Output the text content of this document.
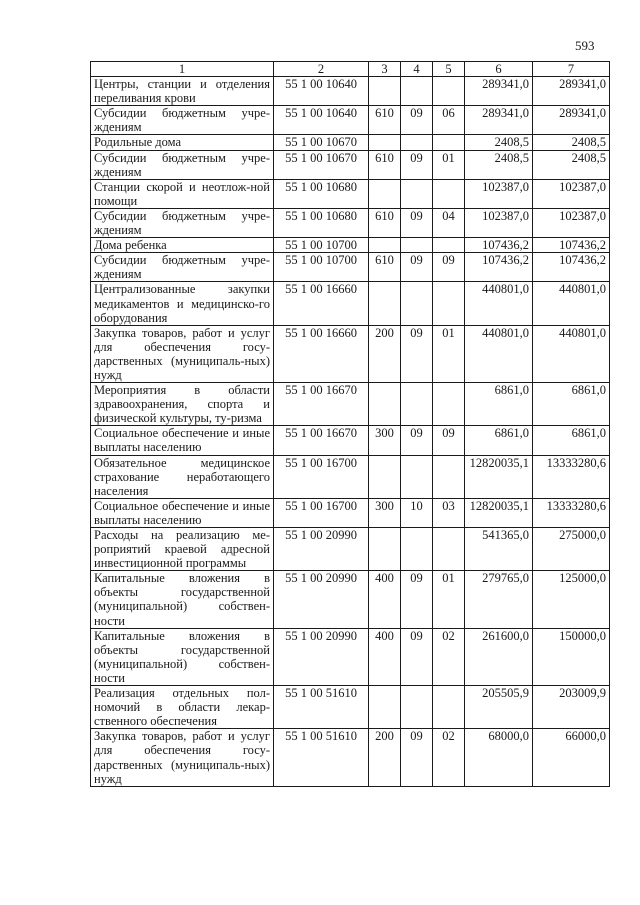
593
1	2	3	4	5	6	7
Центры, станции и отделения переливания крови	55 1 00 10640				289341,0	289341,0
Субсидии бюджетным учре-ждениям	55 1 00 10640	610	09	06	289341,0	289341,0
Родильные дома	55 1 00 10670				2408,5	2408,5
Субсидии бюджетным учре-ждениям	55 1 00 10670	610	09	01	2408,5	2408,5
Станции скорой и неотлож-ной помощи	55 1 00 10680				102387,0	102387,0
Субсидии бюджетным учре-ждениям	55 1 00 10680	610	09	04	102387,0	102387,0
Дома ребенка	55 1 00 10700				107436,2	107436,2
Субсидии бюджетным учре-ждениям	55 1 00 10700	610	09	09	107436,2	107436,2
Централизованные закупки медикаментов и медицинско-го оборудования	55 1 00 16660				440801,0	440801,0
Закупка товаров, работ и услуг для обеспечения госу-дарственных (муниципаль-ных) нужд	55 1 00 16660	200	09	01	440801,0	440801,0
Мероприятия в области здравоохранения, спорта и физической культуры, ту-ризма	55 1 00 16670				6861,0	6861,0
Социальное обеспечение и иные выплаты населению	55 1 00 16670	300	09	09	6861,0	6861,0
Обязательное медицинское страхование неработающего населения	55 1 00 16700				12820035,1	13333280,6
Социальное обеспечение и иные выплаты населению	55 1 00 16700	300	10	03	12820035,1	13333280,6
Расходы на реализацию ме-роприятий краевой адресной инвестиционной программы	55 1 00 20990				541365,0	275000,0
Капитальные вложения в объекты государственной (муниципальной) собствен-ности	55 1 00 20990	400	09	01	279765,0	125000,0
Капитальные вложения в объекты государственной (муниципальной) собствен-ности	55 1 00 20990	400	09	02	261600,0	150000,0
Реализация отдельных пол-номочий в области лекар-ственного обеспечения	55 1 00 51610				205505,9	203009,9
Закупка товаров, работ и услуг для обеспечения госу-дарственных (муниципаль-ных) нужд	55 1 00 51610	200	09	02	68000,0	66000,0
